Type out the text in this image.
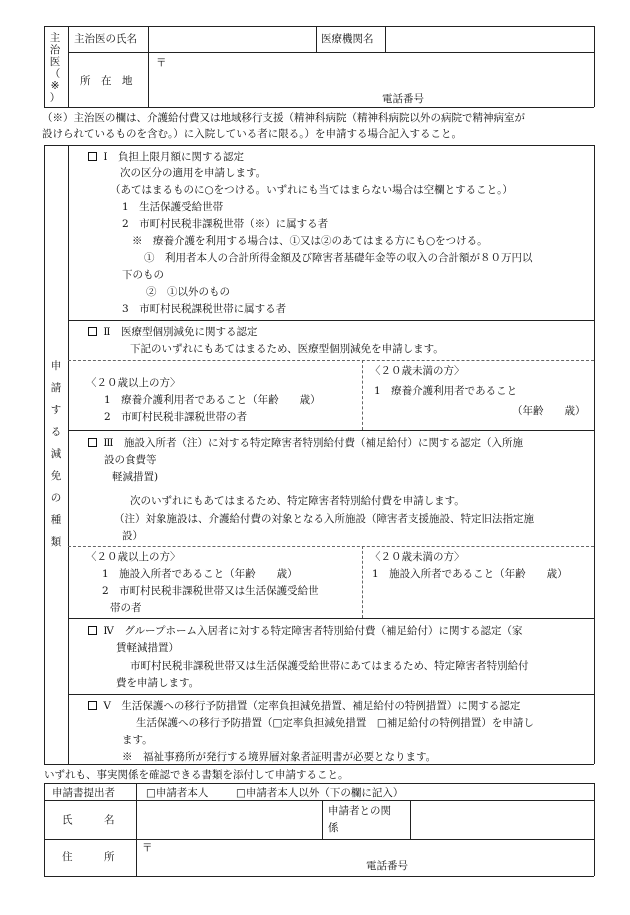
主
治
医
（
※
）
主治医の氏名	医療機関名
所　在　地
〒
電話番号
（※）主治医の欄は、介護給付費又は地域移行支援（精神科病院（精神科病院以外の病院で精神病室が
設けられているものを含む。）に入院している者に限る。）を申請する場合記入すること。
申
請
す
る
減
免
の
種
類
Ⅰ　負担上限月額に関する認定
次の区分の適用を申請します。
（あてはまるものに○をつける。いずれにも当てはまらない場合は空欄とすること。）
1　生活保護受給世帯
2　市町村民税非課税世帯（※）に属する者
※　療養介護を利用する場合は、①又は②のあてはまる方にも○をつける。
①　利用者本人の合計所得金額及び障害者基礎年金等の収入の合計額が８０万円以
下のもの
②　①以外のもの
3　市町村民税課税世帯に属する者
Ⅱ　医療型個別減免に関する認定
下記のいずれにもあてはまるため、医療型個別減免を申請します。
〈２０歳以上の方〉
1　療養介護利用者であること（年齢　　歳）
2　市町村民税非課税世帯の者
〈２０歳未満の方〉
1　療養介護利用者であること
（年齢　　歳）
Ⅲ　施設入所者（注）に対する特定障害者特別給付費（補足給付）に関する認定（入所施
設の食費等
軽減措置)
次のいずれにもあてはまるため、特定障害者特別給付費を申請します。
（注）対象施設は、介護給付費の対象となる入所施設（障害者支援施設、特定旧法指定施
設）
〈２０歳以上の方〉
1　施設入所者であること（年齢　　歳）
2　市町村民税非課税世帯又は生活保護受給世
帯の者
〈２０歳未満の方〉
1　施設入所者であること（年齢　　歳）
Ⅳ　グループホーム入居者に対する特定障害者特別給付費（補足給付）に関する認定（家
賃軽減措置）
市町村民税非課税世帯又は生活保護受給世帯にあてはまるため、特定障害者特別給付
費を申請します。
Ⅴ　生活保護への移行予防措置（定率負担減免措置、補足給付の特例措置）に関する認定
生活保護への移行予防措置（□定率負担減免措置　□補足給付の特例措置）を申請し
ます。
※　福祉事務所が発行する境界層対象者証明書が必要となります。
いずれも、事実関係を確認できる書類を添付して申請すること。
申請書提出者	□申請者本人	□申請者本人以外（下の欄に記入）
氏　　　名
申請者との関
係
住　　　所
〒
電話番号
